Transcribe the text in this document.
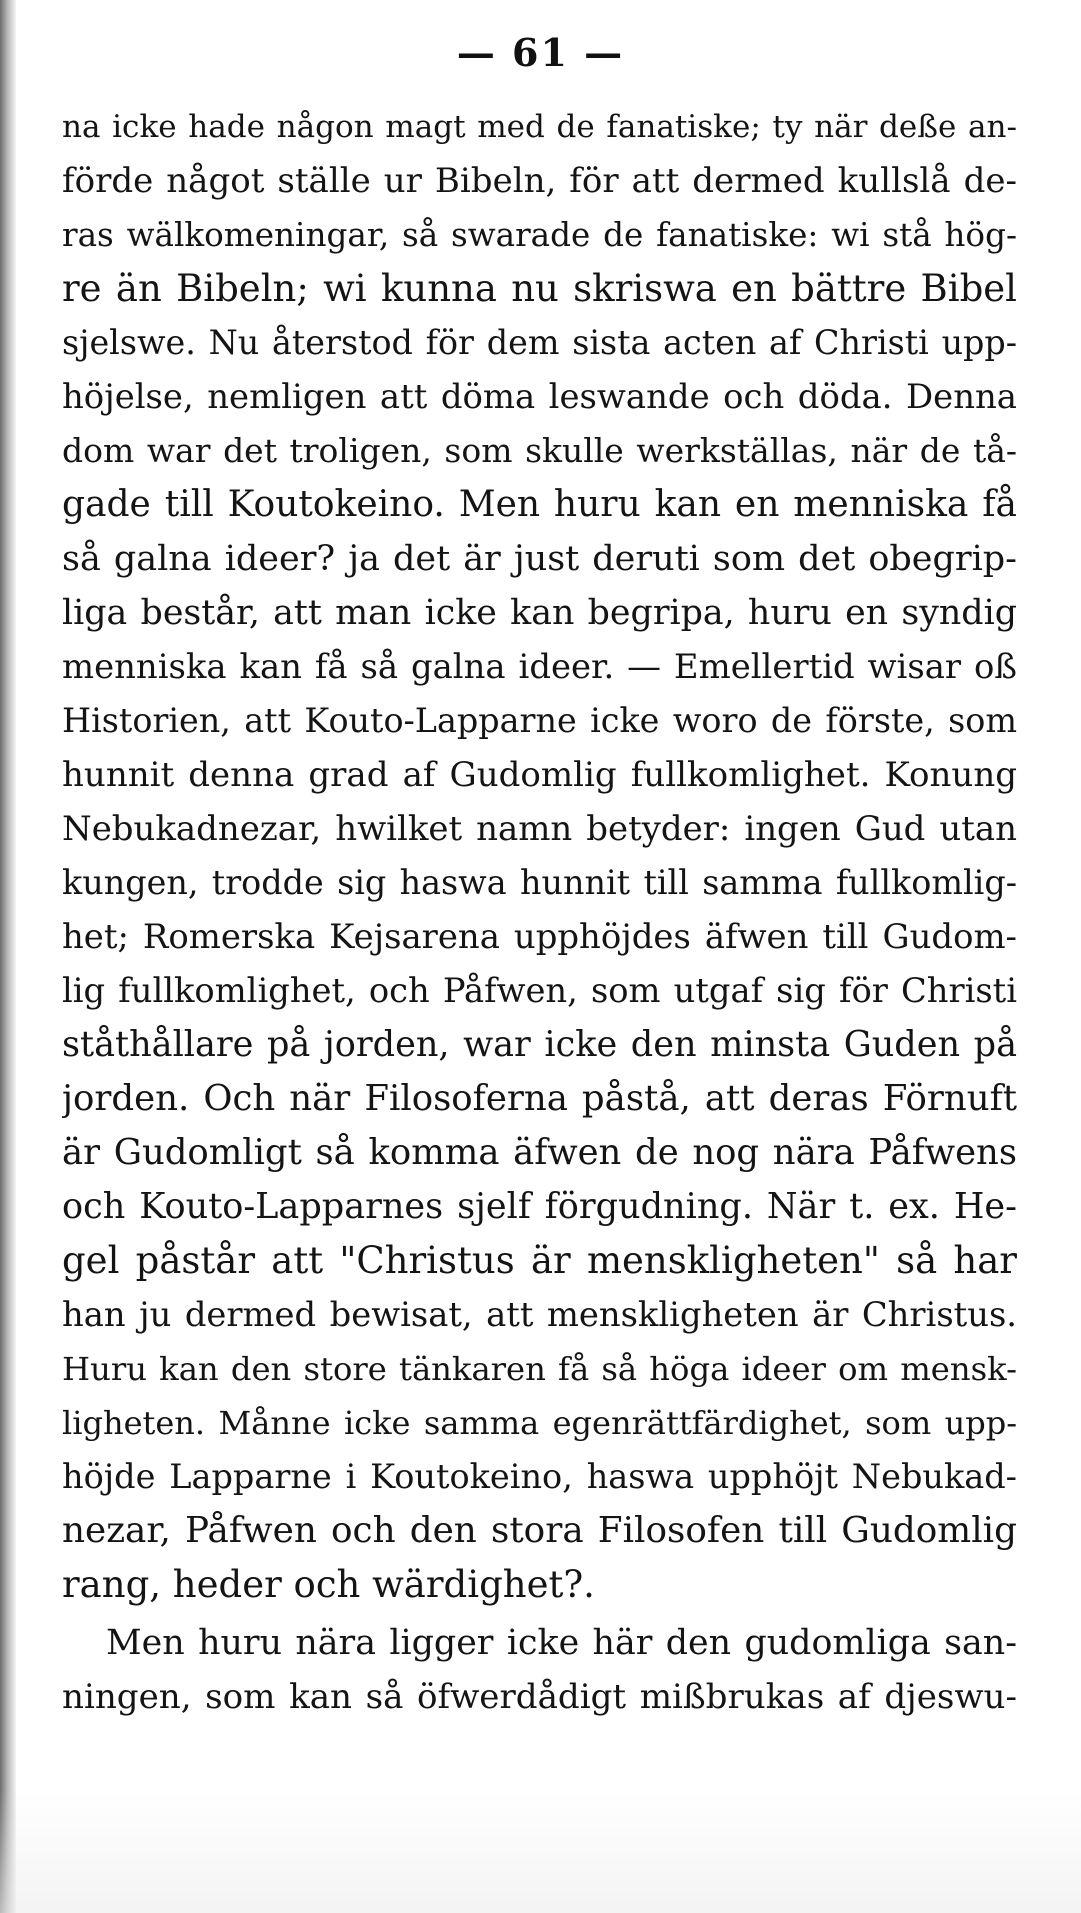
— 61 —
na icke hade någon magt med de fanatiske; ty när deße an-
förde något ställe ur Bibeln, för att dermed kullslå de-
ras wälkomeningar, så swarade de fanatiske: wi stå hög-
re än Bibeln; wi kunna nu skriswa en bättre Bibel
sjelswe. Nu återstod för dem sista acten af Christi upp-
höjelse, nemligen att döma leswande och döda. Denna
dom war det troligen, som skulle werkställas, när de tå-
gade till Koutokeino. Men huru kan en menniska få
så galna ideer? ja det är just deruti som det obegrip-
liga består, att man icke kan begripa, huru en syndig
menniska kan få så galna ideer. — Emellertid wisar oß
Historien, att Kouto-Lapparne icke woro de förste, som
hunnit denna grad af Gudomlig fullkomlighet. Konung
Nebukadnezar, hwilket namn betyder: ingen Gud utan
kungen, trodde sig haswa hunnit till samma fullkomlig-
het; Romerska Kejsarena upphöjdes äfwen till Gudom-
lig fullkomlighet, och Påfwen, som utgaf sig för Christi
ståthållare på jorden, war icke den minsta Guden på
jorden. Och när Filosoferna påstå, att deras Förnuft
är Gudomligt så komma äfwen de nog nära Påfwens
och Kouto-Lapparnes sjelf förgudning. När t. ex. He-
gel påstår att "Christus är menskligheten" så har
han ju dermed bewisat, att menskligheten är Christus.
Huru kan den store tänkaren få så höga ideer om mensk-
ligheten. Månne icke samma egenrättfärdighet, som upp-
höjde Lapparne i Koutokeino, haswa upphöjt Nebukad-
nezar, Påfwen och den stora Filosofen till Gudomlig
rang, heder och wärdighet?.
Men huru nära ligger icke här den gudomliga san-
ningen, som kan så öfwerdådigt mißbrukas af djeswu-
